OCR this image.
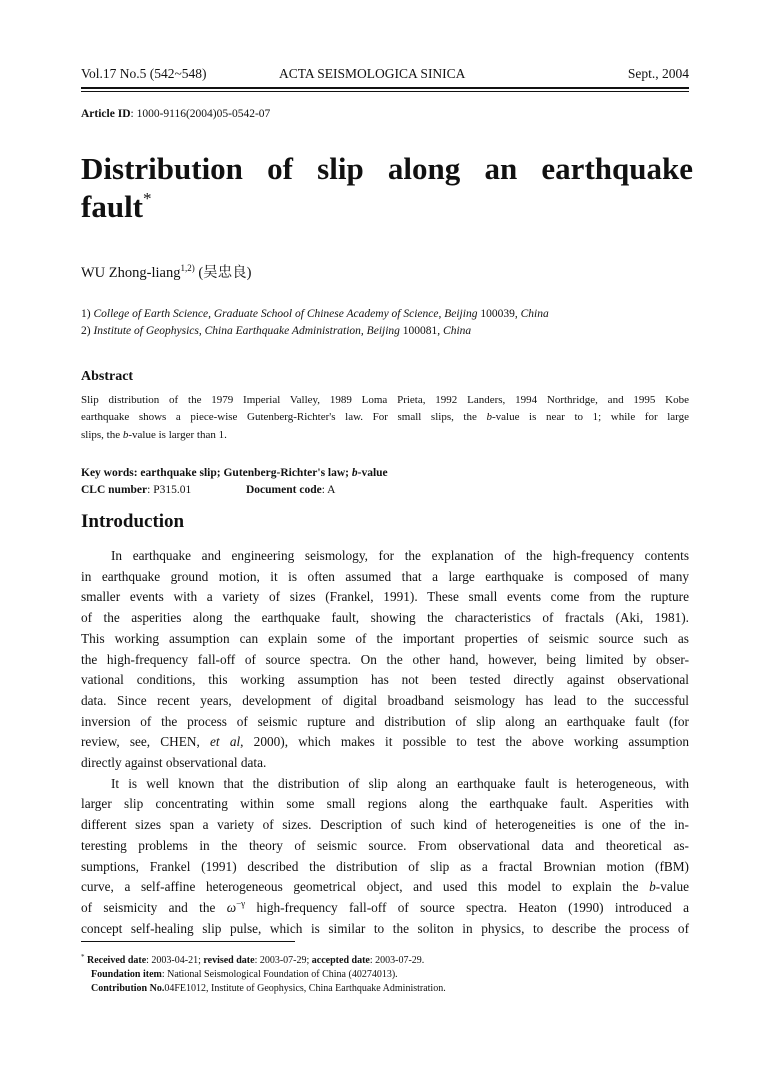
Vol.17 No.5 (542~548)	ACTA SEISMOLOGICA SINICA	Sept., 2004
Article ID: 1000-9116(2004)05-0542-07
Distribution of slip along an earthquake
fault*
WU Zhong-liang$^{1,2)}$ (吴忠良)
1) College of Earth Science, Graduate School of Chinese Academy of Science, Beijing 100039, China
2) Institute of Geophysics, China Earthquake Administration, Beijing 100081, China
Abstract
Slip distribution of the 1979 Imperial Valley, 1989 Loma Prieta, 1992 Landers, 1994 Northridge, and 1995 Kobe
earthquake shows a piece-wise Gutenberg-Richter's law. For small slips, the b-value is near to 1; while for large
slips, the b-value is larger than 1.
Key words: earthquake slip; Gutenberg-Richter's law; b-value
CLC number: P315.01	Document code: A
Introduction
In earthquake and engineering seismology, for the explanation of the high-frequency contents
in earthquake ground motion, it is often assumed that a large earthquake is composed of many
smaller events with a variety of sizes (Frankel, 1991). These small events come from the rupture
of the asperities along the earthquake fault, showing the characteristics of fractals (Aki, 1981).
This working assumption can explain some of the important properties of seismic source such as
the high-frequency fall-off of source spectra. On the other hand, however, being limited by obser-
vational conditions, this working assumption has not been tested directly against observational
data. Since recent years, development of digital broadband seismology has lead to the successful
inversion of the process of seismic rupture and distribution of slip along an earthquake fault (for
review, see, CHEN, et al, 2000), which makes it possible to test the above working assumption
directly against observational data.
It is well known that the distribution of slip along an earthquake fault is heterogeneous, with
larger slip concentrating within some small regions along the earthquake fault. Asperities with
different sizes span a variety of sizes. Description of such kind of heterogeneities is one of the in-
teresting problems in the theory of seismic source. From observational data and theoretical as-
sumptions, Frankel (1991) described the distribution of slip as a fractal Brownian motion (fBM)
curve, a self-affine heterogeneous geometrical object, and used this model to explain the b-value
of seismicity and the $\omega^{-\gamma}$ high-frequency fall-off of source spectra. Heaton (1990) introduced a
concept self-healing slip pulse, which is similar to the soliton in physics, to describe the process of
* Received date: 2003-04-21; revised date: 2003-07-29; accepted date: 2003-07-29.
Foundation item: National Seismological Foundation of China (40274013).
Contribution No.04FE1012, Institute of Geophysics, China Earthquake Administration.
